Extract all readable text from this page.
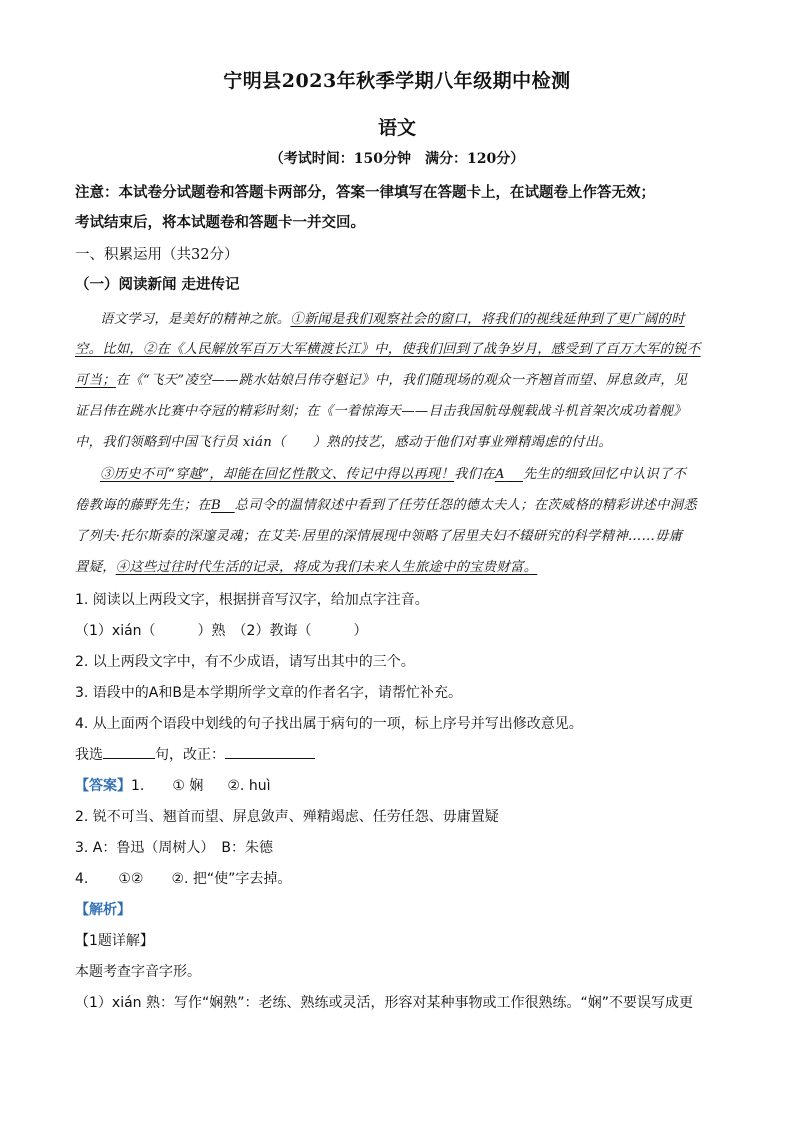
宁明县2023年秋季学期八年级期中检测
语文
（考试时间：150分钟　满分：120分）
注意：本试卷分试题卷和答题卡两部分，答案一律填写在答题卡上，在试题卷上作答无效；
考试结束后，将本试题卷和答题卡一并交回。
一、积累运用（共32分）
（一）阅读新闻 走进传记
语文学习，是美好的精神之旅。①新闻是我们观察社会的窗口，将我们的视线延伸到了更广阔的时
空。比如，②在《人民解放军百万大军横渡长江》中，使我们回到了战争岁月，感受到了百万大军的锐不
可当；在《“飞天”凌空——跳水姑娘吕伟夺魁记》中，我们随现场的观众一齐翘首而望、屏息敛声，见
证吕伟在跳水比赛中夺冠的精彩时刻；在《一着惊海天——目击我国航母舰载战斗机首架次成功着舰》
中，我们领略到中国飞行员 xián（　　）熟的技艺，感动于他们对事业殚精竭虑的付出。
③历史不可“穿越”，却能在回忆性散文、传记中得以再现！我们在A　 先生的细致回忆中认识了不
倦教诲的藤野先生；在B　 总司令的温情叙述中看到了任劳任怨的德太夫人；在茨威格的精彩讲述中洞悉
了列夫·托尔斯泰的深邃灵魂；在艾芙·居里的深情展现中领略了居里夫妇不辍研究的科学精神……毋庸
置疑，④这些过往时代生活的记录，将成为我们未来人生旅途中的宝贵财富。
1. 阅读以上两段文字，根据拼音写汉字，给加点字注音。
（1）xián（　　　）熟　（2）教诲（　　　）
2. 以上两段文字中，有不少成语，请写出其中的三个。
3. 语段中的A和B是本学期所学文章的作者名字，请帮忙补充。
4. 从上面两个语段中划线的句子找出属于病句的一项，标上序号并写出修改意见。
我选	句，改正：
【答案】1. ① 娴 ②. huì
2. 锐不可当、翘首而望、屏息敛声、殚精竭虑、任劳任怨、毋庸置疑
3. A：鲁迅（周树人）　B：朱德
4. ①② ②. 把“使”字去掉。
【解析】
【1题详解】
本题考查字音字形。
（1）xián 熟：写作“娴熟”：老练、熟练或灵活，形容对某种事物或工作很熟练。“娴”不要误写成更
